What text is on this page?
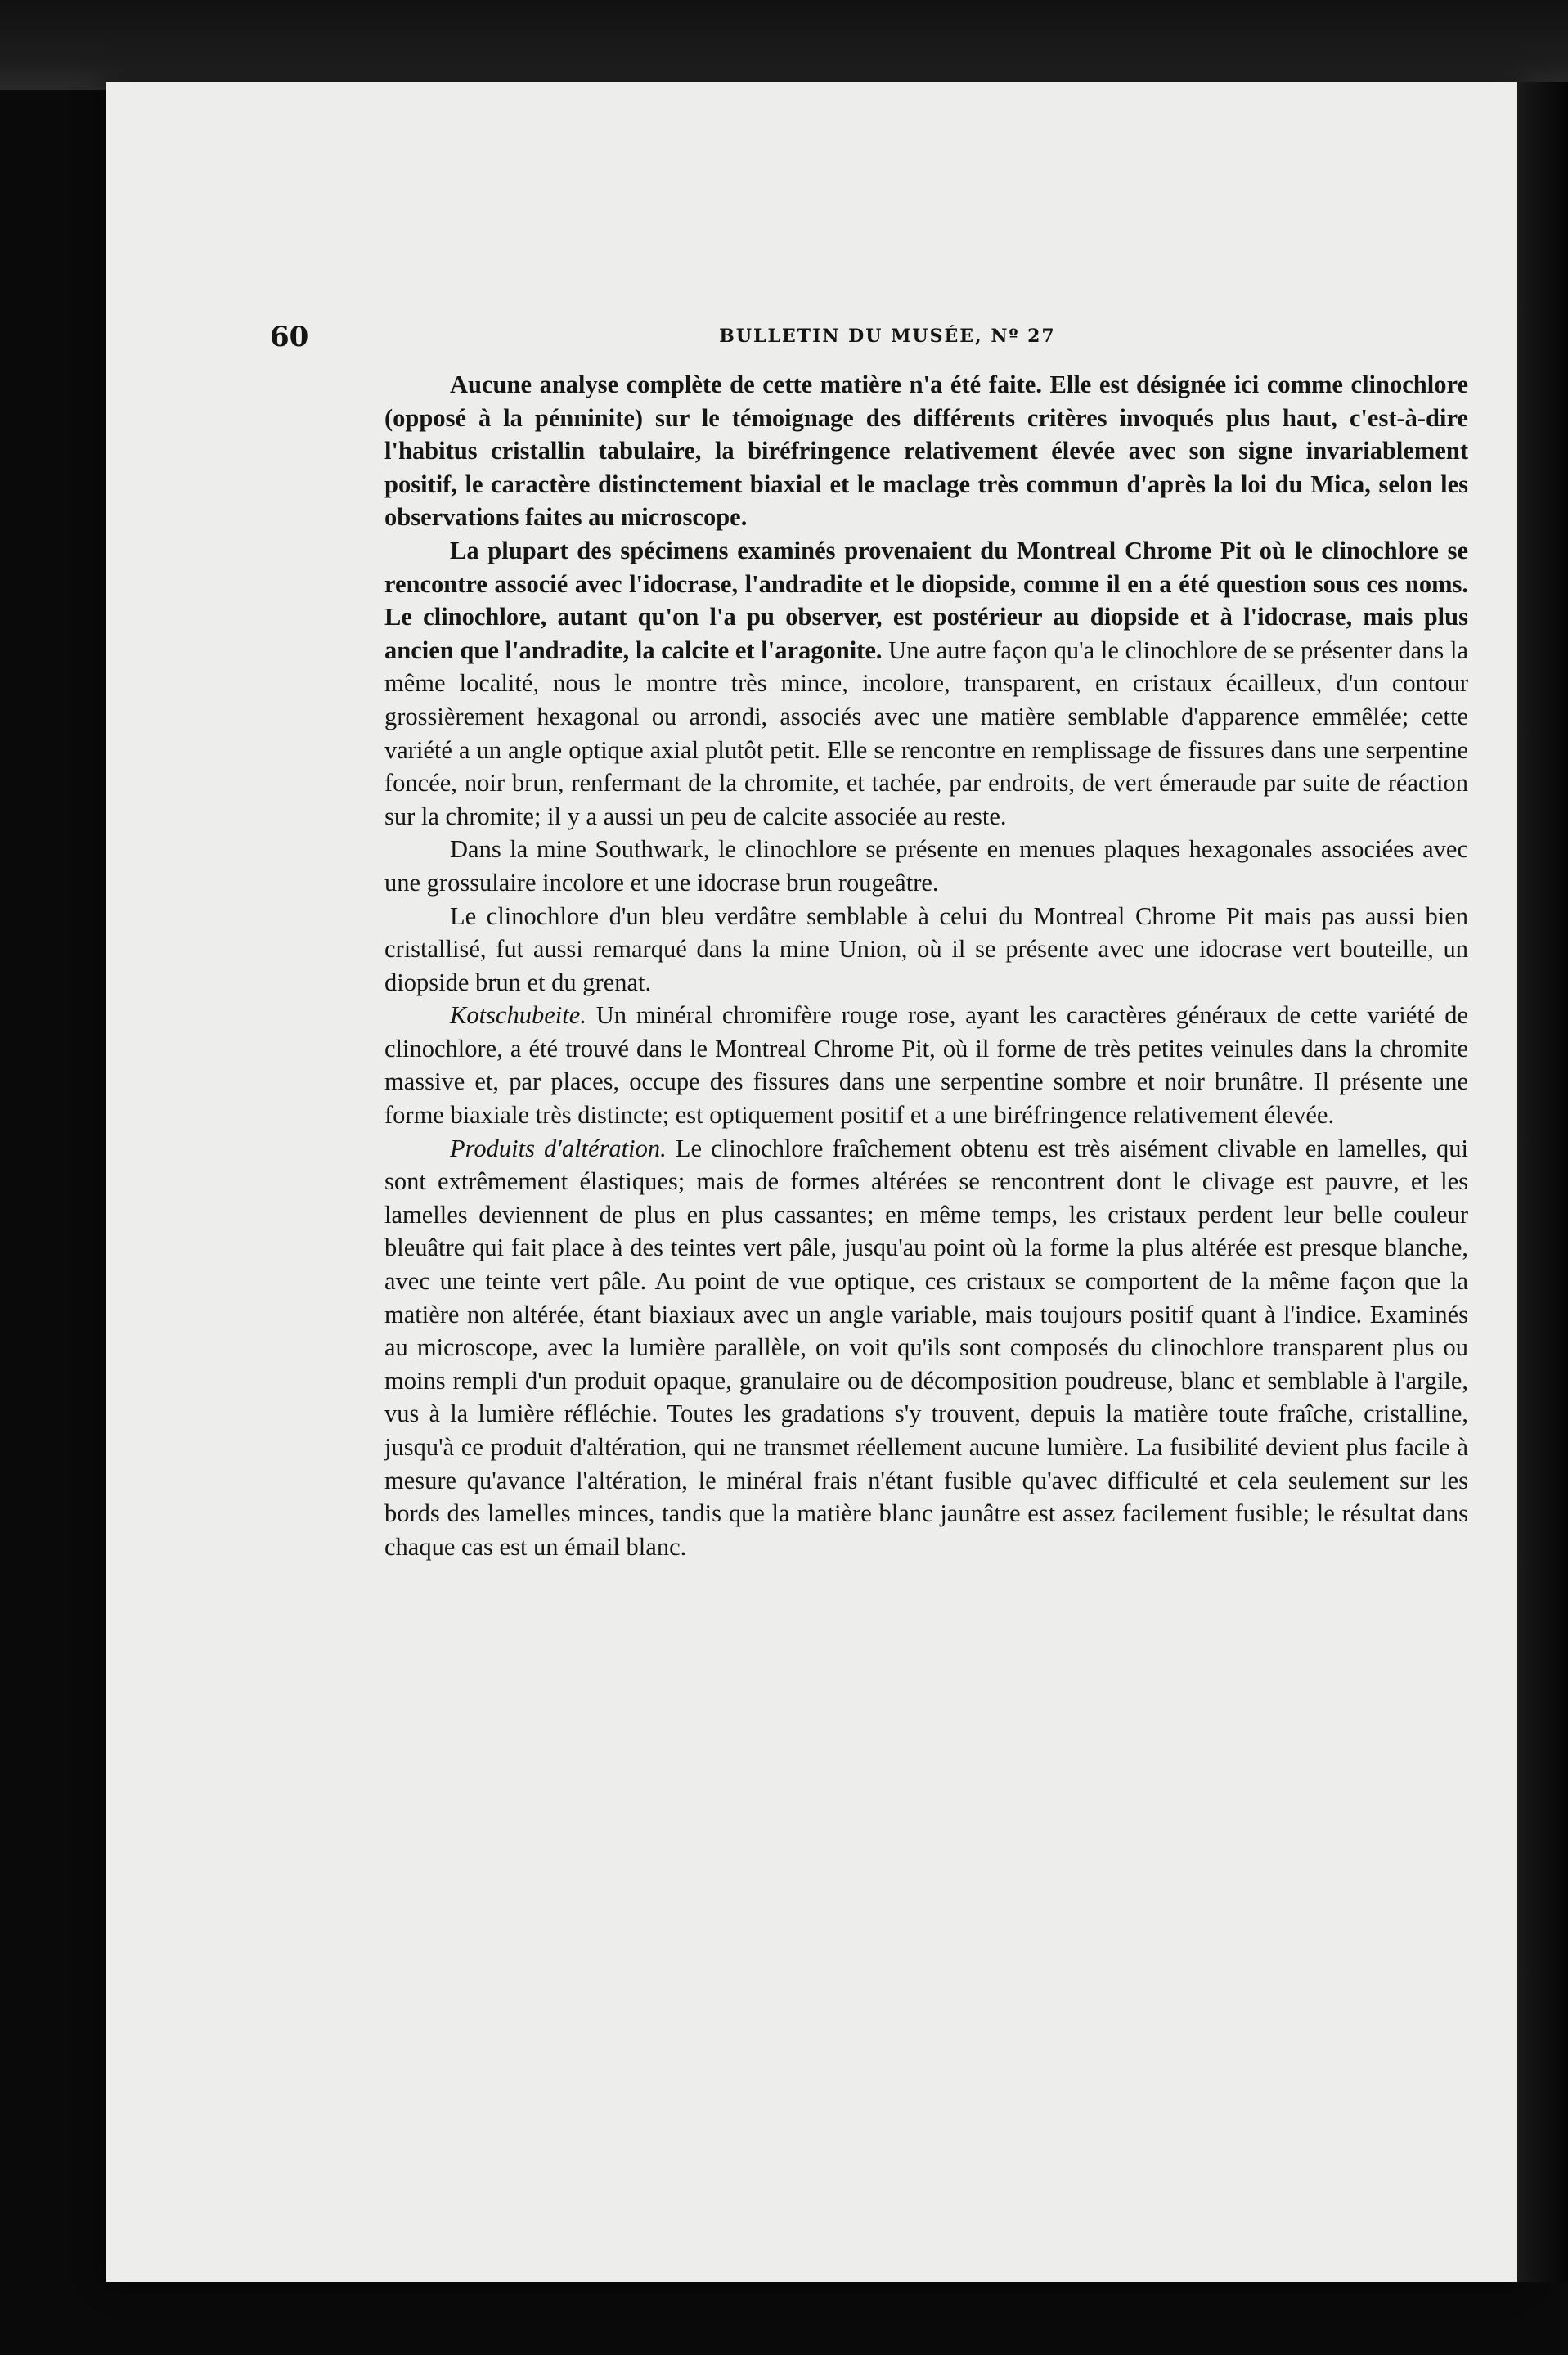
60	BULLETIN DU MUSÉE, Nº 27

Aucune analyse complète de cette matière n'a été faite. Elle est désignée ici comme clinochlore (opposé à la pénninite) sur le témoignage des différents critères invoqués plus haut, c'est-à-dire l'habitus cristallin tabulaire, la biréfringence relativement élevée avec son signe invariablement positif, le caractère distinctement biaxial et le maclage très commun d'après la loi du Mica, selon les observations faites au microscope.

La plupart des spécimens examinés provenaient du Montreal Chrome Pit où le clinochlore se rencontre associé avec l'idocrase, l'andradite et le diopside, comme il en a été question sous ces noms. Le clinochlore, autant qu'on l'a pu observer, est postérieur au diopside et à l'idocrase, mais plus ancien que l'andradite, la calcite et l'aragonite. Une autre façon qu'a le clinochlore de se présenter dans la même localité, nous le montre très mince, incolore, transparent, en cristaux écailleux, d'un contour grossièrement hexagonal ou arrondi, associés avec une matière semblable d'apparence emmêlée; cette variété a un angle optique axial plutôt petit. Elle se rencontre en remplissage de fissures dans une serpentine foncée, noir brun, renfermant de la chromite, et tachée, par endroits, de vert émeraude par suite de réaction sur la chromite; il y a aussi un peu de calcite associée au reste.

Dans la mine Southwark, le clinochlore se présente en menues plaques hexagonales associées avec une grossulaire incolore et une idocrase brun rougeâtre.

Le clinochlore d'un bleu verdâtre semblable à celui du Montreal Chrome Pit mais pas aussi bien cristallisé, fut aussi remarqué dans la mine Union, où il se présente avec une idocrase vert bouteille, un diopside brun et du grenat.

Kotschubeite. Un minéral chromifère rouge rose, ayant les caractères généraux de cette variété de clinochlore, a été trouvé dans le Montreal Chrome Pit, où il forme de très petites veinules dans la chromite massive et, par places, occupe des fissures dans une serpentine sombre et noir brunâtre. Il présente une forme biaxiale très distincte; est optiquement positif et a une biréfringence relativement élevée.

Produits d'altération. Le clinochlore fraîchement obtenu est très aisément clivable en lamelles, qui sont extrêmement élastiques; mais de formes altérées se rencontrent dont le clivage est pauvre, et les lamelles deviennent de plus en plus cassantes; en même temps, les cristaux perdent leur belle couleur bleuâtre qui fait place à des teintes vert pâle, jusqu'au point où la forme la plus altérée est presque blanche, avec une teinte vert pâle. Au point de vue optique, ces cristaux se comportent de la même façon que la matière non altérée, étant biaxiaux avec un angle variable, mais toujours positif quant à l'indice. Examinés au microscope, avec la lumière parallèle, on voit qu'ils sont composés du clinochlore transparent plus ou moins rempli d'un produit opaque, granulaire ou de décomposition poudreuse, blanc et semblable à l'argile, vus à la lumière réfléchie. Toutes les gradations s'y trouvent, depuis la matière toute fraîche, cristalline, jusqu'à ce produit d'altération, qui ne transmet réellement aucune lumière. La fusibilité devient plus facile à mesure qu'avance l'altération, le minéral frais n'étant fusible qu'avec difficulté et cela seulement sur les bords des lamelles minces, tandis que la matière blanc jaunâtre est assez facilement fusible; le résultat dans chaque cas est un émail blanc.
